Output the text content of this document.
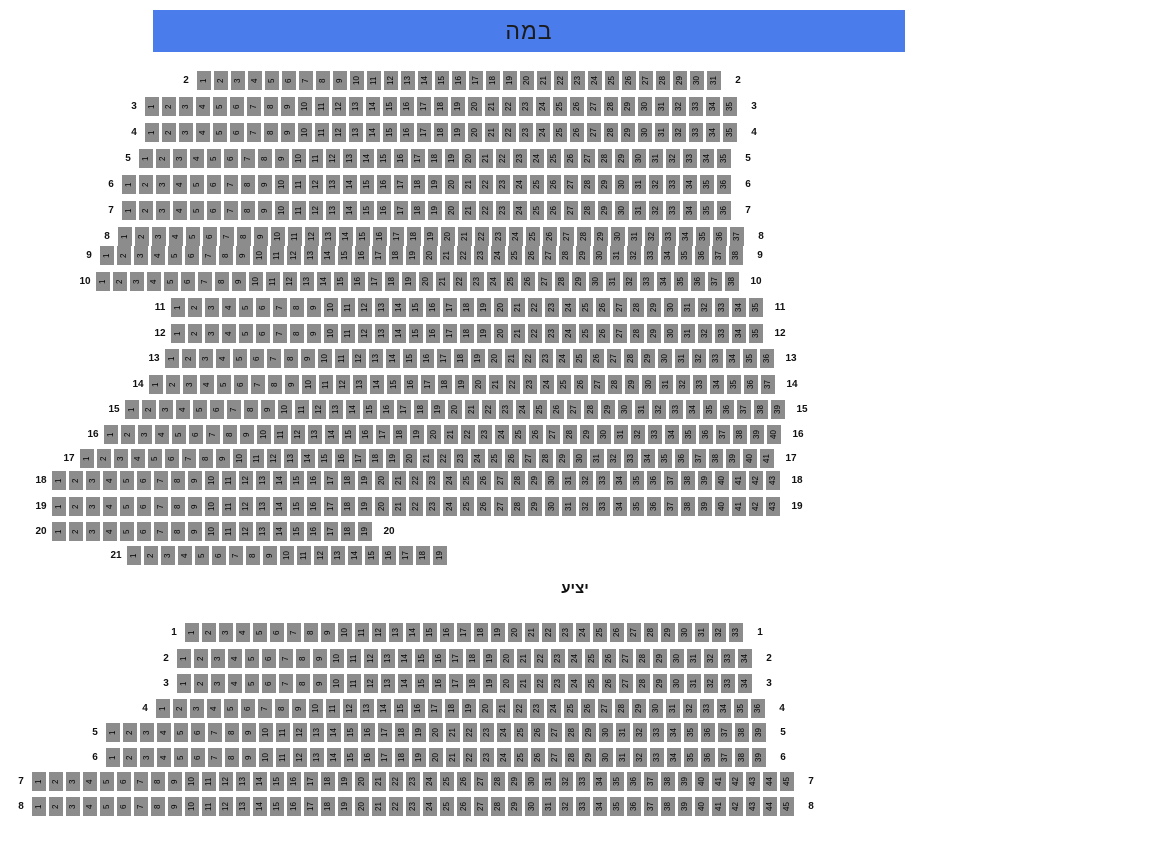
במה
2	1	2	3	4	5	6	7	8	9	10	11	12	13	14	15	16	17	18	19	20	21	22	23	24	25	26	27	28	29	30	31	2
3	1	2	3	4	5	6	7	8	9	10	11	12	13	14	15	16	17	18	19	20	21	22	23	24	25	26	27	28	29	30	31	32	33	34	35	3
4	1	2	3	4	5	6	7	8	9	10	11	12	13	14	15	16	17	18	19	20	21	22	23	24	25	26	27	28	29	30	31	32	33	34	35	4
5	1	2	3	4	5	6	7	8	9	10	11	12	13	14	15	16	17	18	19	20	21	22	23	24	25	26	27	28	29	30	31	32	33	34	35	5
6	1	2	3	4	5	6	7	8	9	10	11	12	13	14	15	16	17	18	19	20	21	22	23	24	25	26	27	28	29	30	31	32	33	34	35	36	6
7	1	2	3	4	5	6	7	8	9	10	11	12	13	14	15	16	17	18	19	20	21	22	23	24	25	26	27	28	29	30	31	32	33	34	35	36	7
8	1	2	3	4	5	6	7	8	9	10	11	12	13	14	15	16	17	18	19	20	21	22	23	24	25	26	27	28	29	30	31	32	33	34	35	36	37	8
9	1	2	3	4	5	6	7	8	9	10	11	12	13	14	15	16	17	18	19	20	21	22	23	24	25	26	27	28	29	30	31	32	33	34	35	36	37	38	9
10 1	2	3	4	5	6	7	8	9	10	11	12	13	14	15	16	17	18	19	20	21	22	23	24	25	26	27	28	29	30	31	32	33	34	35	36	37	38	10
11 1	2	3	4	5	6	7	8	9	10	11	12	13	14	15	16	17	18	19	20	21	22	23	24	25	26	27	28	29	30	31	32	33	34	35	11
12 1	2	3	4	5	6	7	8	9	10	11	12	13	14	15	16	17	18	19	20	21	22	23	24	25	26	27	28	29	30	31	32	33	34	35	12
13 1	2	3	4	5	6	7	8	9	10	11	12	13	14	15	16	17	18	19	20	21	22	23	24	25	26	27	28	29	30	31	32	33	34	35	36	13
14 1	2	3	4	5	6	7	8	9	10	11	12	13	14	15	16	17	18	19	20	21	22	23	24	25	26	27	28	29	30	31	32	33	34	35	36	37	14
15 1	2	3	4	5	6	7	8	9	10	11	12	13	14	15	16	17	18	19	20	21	22	23	24	25	26	27	28	29	30	31	32	33	34	35	36	37	38	39	15
16 1	2	3	4	5	6	7	8	9	10	11	12	13	14	15	16	17	18	19	20	21	22	23	24	25	26	27	28	29	30	31	32	33	34	35	36	37	38	39	40	16
17 1	2	3	4	5	6	7	8	9	10	11	12	13	14	15	16	17	18	19	20	21	22	23	24	25	26	27	28	29	30	31	32	33	34	35	36	37	38	39	40	41	17
18 1	2	3	4	5	6	7	8	9	10	11	12	13	14	15	16	17	18	19	20	21	22	23	24	25	26	27	28	29	30	31	32	33	34	35	36	37	38	39	40	41	42	43	18
19 1	2	3	4	5	6	7	8	9	10	11	12	13	14	15	16	17	18	19	20	21	22	23	24	25	26	27	28	29	30	31	32	33	34	35	36	37	38	39	40	41	42	43	19
20 1	2	3	4	5	6	7	8	9	10	11	12	13	14	15	16	17	18	19	20
21 1	2	3	4	5	6	7	8	9	10	11	12	13	14	15	16	17	18	19
1	1	2	3	4	5	6	7	8	9	10	11	12	13	14	15	16	17	18	19	20	21	22	23	24	25	26	27	28	29	30	31	32	33	1
2	1	2	3	4	5	6	7	8	9	10	11	12	13	14	15	16	17	18	19	20	21	22	23	24	25	26	27	28	29	30	31	32	33	34	2
3	1	2	3	4	5	6	7	8	9	10	11	12	13	14	15	16	17	18	19	20	21	22	23	24	25	26	27	28	29	30	31	32	33	34	3
4	1	2	3	4	5	6	7	8	9	10	11	12	13	14	15	16	17	18	19	20	21	22	23	24	25	26	27	28	29	30	31	32	33	34	35	36	4
5	1	2	3	4	5	6	7	8	9	10	11	12	13	14	15	16	17	18	19	20	21	22	23	24	25	26	27	28	29	30	31	32	33	34	35	36	37	38	39	5
6	1	2	3	4	5	6	7	8	9	10	11	12	13	14	15	16	17	18	19	20	21	22	23	24	25	26	27	28	29	30	31	32	33	34	35	36	37	38	39	6
7	1	2	3	4	5	6	7	8	9	10	11	12	13	14	15	16	17	18	19	20	21	22	23	24	25	26	27	28	29	30	31	32	33	34	35	36	37	38	39	40	41	42	43	44	45	7
8	1	2	3	4	5	6	7	8	9	10	11	12	13	14	15	16	17	18	19	20	21	22	23	24	25	26	27	28	29	30	31	32	33	34	35	36	37	38	39	40	41	42	43	44	45	8
יציע
